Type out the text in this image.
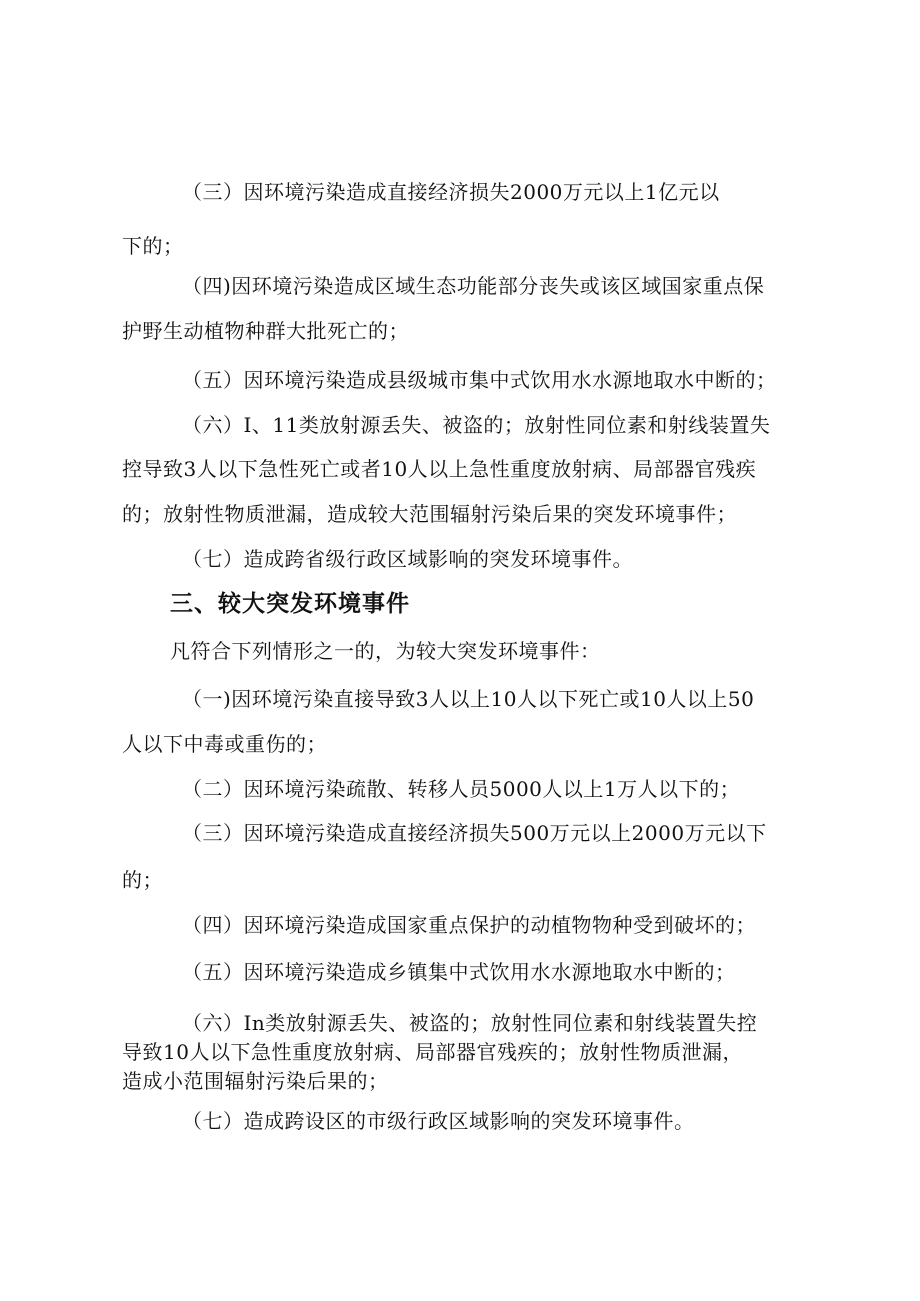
（三）因环境污染造成直接经济损失2000万元以上1亿元以
下的；
（四)因环境污染造成区域生态功能部分丧失或该区域国家重点保
护野生动植物种群大批死亡的；
（五）因环境污染造成县级城市集中式饮用水水源地取水中断的；
（六）I、11类放射源丢失、被盗的；放射性同位素和射线装置失
控导致3人以下急性死亡或者10人以上急性重度放射病、局部器官残疾
的；放射性物质泄漏，造成较大范围辐射污染后果的突发环境事件；
（七）造成跨省级行政区域影响的突发环境事件。
三、较大突发环境事件
凡符合下列情形之一的，为较大突发环境事件：
（一)因环境污染直接导致3人以上10人以下死亡或10人以上50
人以下中毒或重伤的；
（二）因环境污染疏散、转移人员5000人以上1万人以下的；
（三）因环境污染造成直接经济损失500万元以上2000万元以下
的；
（四）因环境污染造成国家重点保护的动植物物种受到破坏的；
（五）因环境污染造成乡镇集中式饮用水水源地取水中断的；
（六）In类放射源丢失、被盗的；放射性同位素和射线装置失控
导致10人以下急性重度放射病、局部器官残疾的；放射性物质泄漏，
造成小范围辐射污染后果的；
（七）造成跨设区的市级行政区域影响的突发环境事件。
